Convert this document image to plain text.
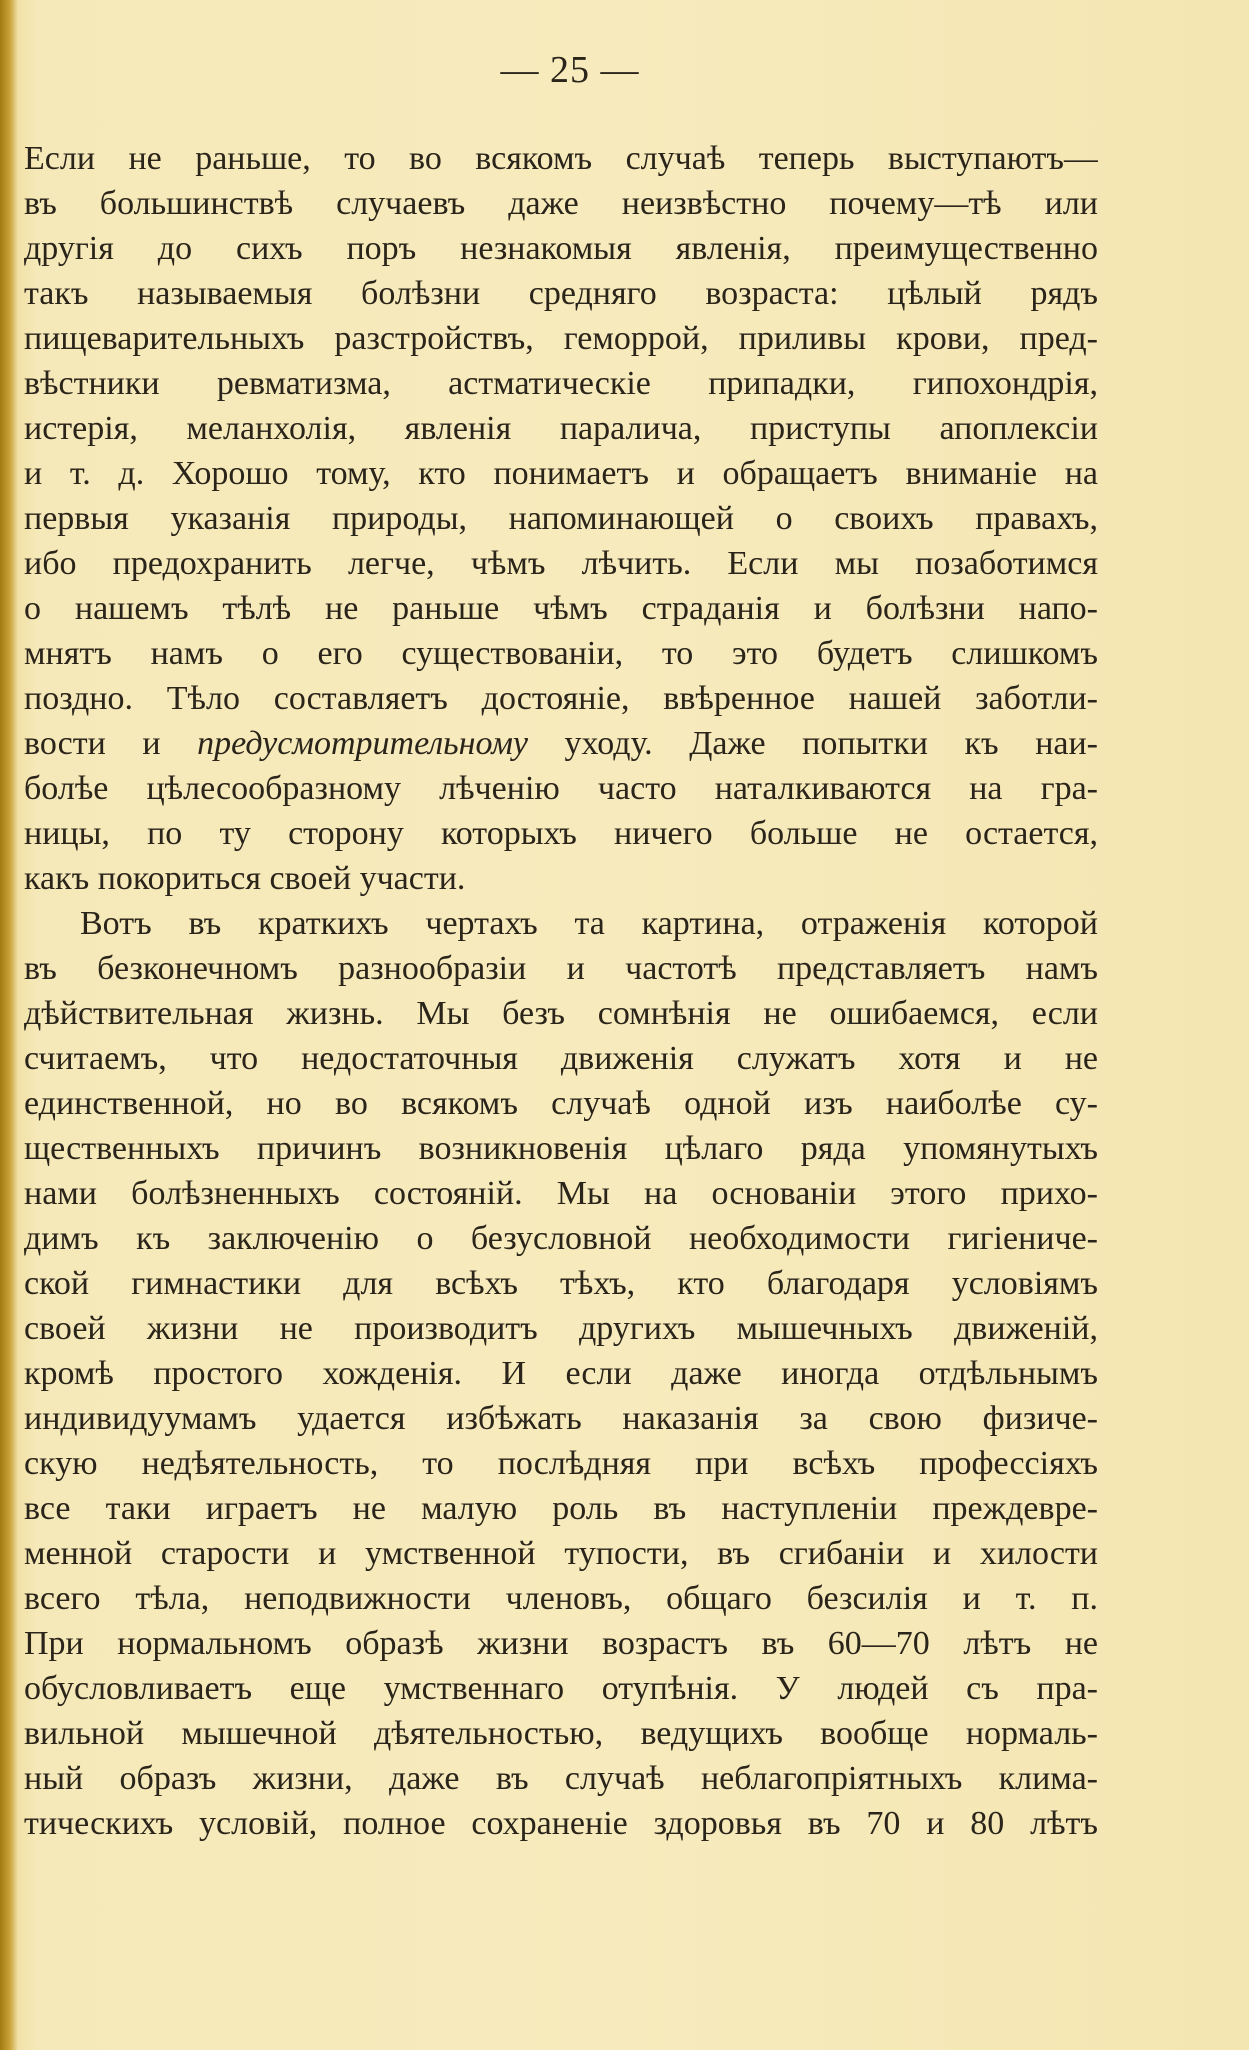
— 25 —
Если не раньше, то во всякомъ случаѣ теперь выступаютъ—
въ большинствѣ случаевъ даже неизвѣстно почему—тѣ или
другія до сихъ поръ незнакомыя явленія, преимущественно
такъ называемыя болѣзни средняго возраста: цѣлый рядъ
пищеварительныхъ разстройствъ, геморрой, приливы крови, пред-
вѣстники ревматизма, астматическіе припадки, гипохондрія,
истерія, меланхолія, явленія паралича, приступы апоплексіи
и т. д. Хорошо тому, кто понимаетъ и обращаетъ вниманіе на
первыя указанія природы, напоминающей о своихъ правахъ,
ибо предохранить легче, чѣмъ лѣчить. Если мы позаботимся
о нашемъ тѣлѣ не раньше чѣмъ страданія и болѣзни напо-
мнятъ намъ о его существованіи, то это будетъ слишкомъ
поздно. Тѣло составляетъ достояніе, ввѣренное нашей заботли-
вости и предусмотрительному уходу. Даже попытки къ наи-
болѣе цѣлесообразному лѣченію часто наталкиваются на гра-
ницы, по ту сторону которыхъ ничего больше не остается,
какъ покориться своей участи.
Вотъ въ краткихъ чертахъ та картина, отраженія которой
въ безконечномъ разнообразіи и частотѣ представляетъ намъ
дѣйствительная жизнь. Мы безъ сомнѣнія не ошибаемся, если
считаемъ, что недостаточныя движенія служатъ хотя и не
единственной, но во всякомъ случаѣ одной изъ наиболѣе су-
щественныхъ причинъ возникновенія цѣлаго ряда упомянутыхъ
нами болѣзненныхъ состояній. Мы на основаніи этого прихо-
димъ къ заключенію о безусловной необходимости гигіениче-
ской гимнастики для всѣхъ тѣхъ, кто благодаря условіямъ
своей жизни не производитъ другихъ мышечныхъ движеній,
кромѣ простого хожденія. И если даже иногда отдѣльнымъ
индивидуумамъ удается избѣжать наказанія за свою физиче-
скую недѣятельность, то послѣдняя при всѣхъ профессіяхъ
все таки играетъ не малую роль въ наступленіи преждевре-
менной старости и умственной тупости, въ сгибаніи и хилости
всего тѣла, неподвижности членовъ, общаго безсилія и т. п.
При нормальномъ образѣ жизни возрастъ въ 60—70 лѣтъ не
обусловливаетъ еще умственнаго отупѣнія. У людей съ пра-
вильной мышечной дѣятельностью, ведущихъ вообще нормаль-
ный образъ жизни, даже въ случаѣ неблагопріятныхъ клима-
тическихъ условій, полное сохраненіе здоровья въ 70 и 80 лѣтъ
